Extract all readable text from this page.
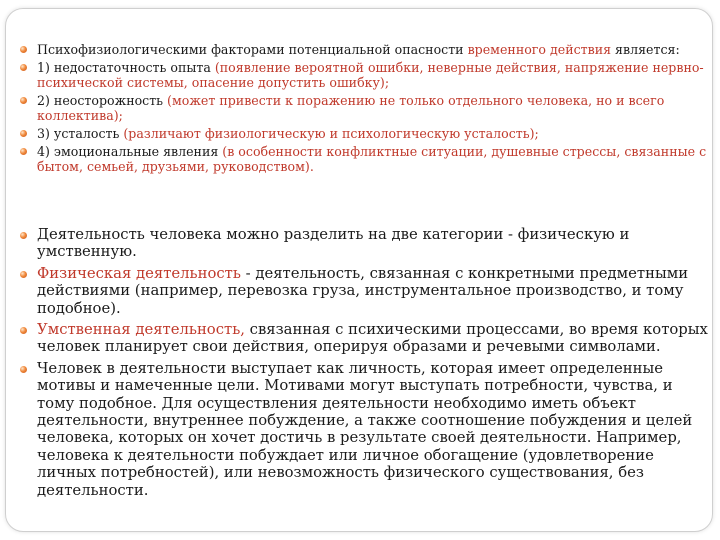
Психофизиологическими факторами потенциальной опасности временного действия является:
1) недостаточность опыта (появление вероятной ошибки, неверные действия, напряжение нервно-психической системы, опасение допустить ошибку);
2) неосторожность (может привести к поражению не только отдельного человека, но и всего коллектива);
3) усталость (различают физиологическую и психологическую усталость);
4) эмоциональные явления (в особенности конфликтные ситуации, душевные стрессы, связанные с бытом, семьей, друзьями, руководством).
Деятельность человека можно разделить на две категории - физическую и умственную.
Физическая деятельность - деятельность, связанная с конкретными предметными действиями (например, перевозка груза, инструментальное производство, и тому подобное).
Умственная деятельность, связанная с психическими процессами, во время которых человек планирует свои действия, оперируя образами и речевыми символами.
Человек в деятельности выступает как личность, которая имеет определенные мотивы и намеченные цели. Мотивами могут выступать потребности, чувства, и тому подобное. Для осуществления деятельности необходимо иметь объект деятельности, внутреннее побуждение, а также соотношение побуждения и целей человека, которых он хочет достичь в результате своей деятельности. Например, человека к деятельности побуждает или личное обогащение (удовлетворение личных потребностей), или невозможность физического существования, без деятельности.
